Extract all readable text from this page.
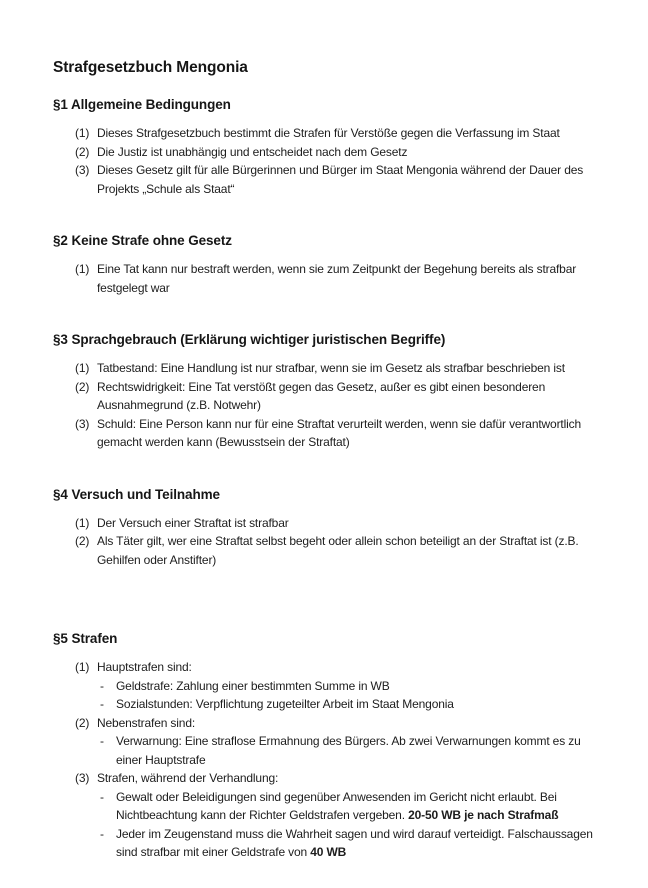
Strafgesetzbuch Mengonia
§1 Allgemeine Bedingungen
(1) Dieses Strafgesetzbuch bestimmt die Strafen für Verstöße gegen die Verfassung im Staat
(2) Die Justiz ist unabhängig und entscheidet nach dem Gesetz
(3) Dieses Gesetz gilt für alle Bürgerinnen und Bürger im Staat Mengonia während der Dauer des Projekts „Schule als Staat“
§2 Keine Strafe ohne Gesetz
(1) Eine Tat kann nur bestraft werden, wenn sie zum Zeitpunkt der Begehung bereits als strafbar festgelegt war
§3 Sprachgebrauch (Erklärung wichtiger juristischen Begriffe)
(1) Tatbestand: Eine Handlung ist nur strafbar, wenn sie im Gesetz als strafbar beschrieben ist
(2) Rechtswidrigkeit: Eine Tat verstößt gegen das Gesetz, außer es gibt einen besonderen Ausnahmegrund (z.B. Notwehr)
(3) Schuld: Eine Person kann nur für eine Straftat verurteilt werden, wenn sie dafür verantwortlich gemacht werden kann (Bewusstsein der Straftat)
§4 Versuch und Teilnahme
(1) Der Versuch einer Straftat ist strafbar
(2) Als Täter gilt, wer eine Straftat selbst begeht oder allein schon beteiligt an der Straftat ist (z.B. Gehilfen oder Anstifter)
§5 Strafen
(1) Hauptstrafen sind:
-	Geldstrafe: Zahlung einer bestimmten Summe in WB
-	Sozialstunden: Verpflichtung zugeteilter Arbeit im Staat Mengonia
(2) Nebenstrafen sind:
-	Verwarnung: Eine straflose Ermahnung des Bürgers. Ab zwei Verwarnungen kommt es zu einer Hauptstrafe
(3) Strafen, während der Verhandlung:
-	Gewalt oder Beleidigungen sind gegenüber Anwesenden im Gericht nicht erlaubt. Bei Nichtbeachtung kann der Richter Geldstrafen vergeben. 20-50 WB je nach Strafmaß
-	Jeder im Zeugenstand muss die Wahrheit sagen und wird darauf verteidigt. Falschaussagen sind strafbar mit einer Geldstrafe von 40 WB
